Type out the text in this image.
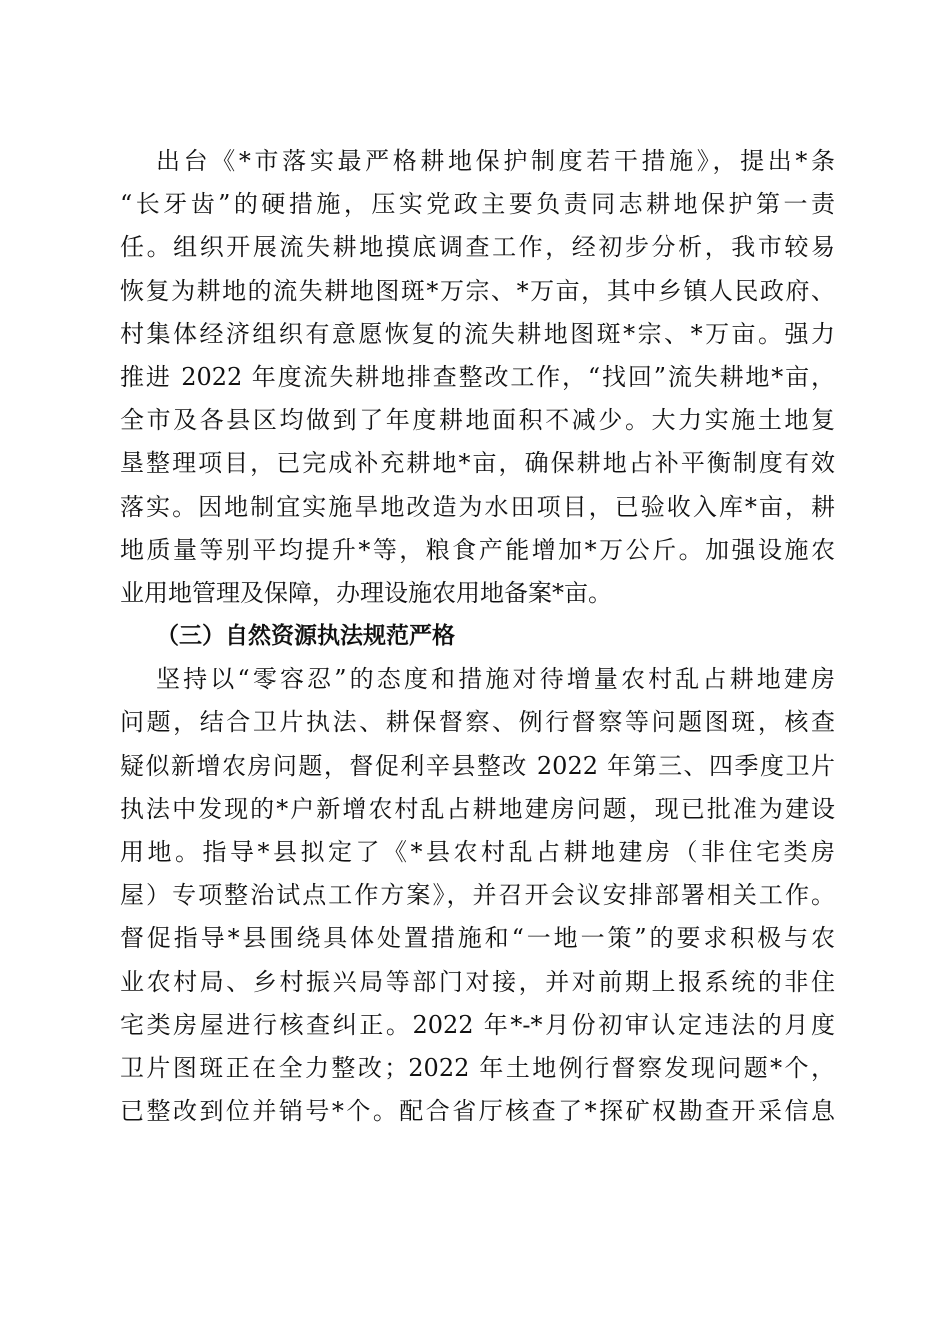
出台《*市落实最严格耕地保护制度若干措施》，提出*条
“长牙齿”的硬措施，压实党政主要负责同志耕地保护第一责
任。组织开展流失耕地摸底调查工作，经初步分析，我市较易
恢复为耕地的流失耕地图斑*万宗、*万亩，其中乡镇人民政府、
村集体经济组织有意愿恢复的流失耕地图斑*宗、*万亩。强力
推进 2022 年度流失耕地排查整改工作，“找回”流失耕地*亩，
全市及各县区均做到了年度耕地面积不减少。大力实施土地复
垦整理项目，已完成补充耕地*亩，确保耕地占补平衡制度有效
落实。因地制宜实施旱地改造为水田项目，已验收入库*亩，耕
地质量等别平均提升*等，粮食产能增加*万公斤。加强设施农
业用地管理及保障，办理设施农用地备案*亩。
（三）自然资源执法规范严格
坚持以“零容忍”的态度和措施对待增量农村乱占耕地建房
问题，结合卫片执法、耕保督察、例行督察等问题图斑，核查
疑似新增农房问题，督促利辛县整改 2022 年第三、四季度卫片
执法中发现的*户新增农村乱占耕地建房问题，现已批准为建设
用地。指导*县拟定了《*县农村乱占耕地建房（非住宅类房
屋）专项整治试点工作方案》，并召开会议安排部署相关工作。
督促指导*县围绕具体处置措施和“一地一策”的要求积极与农
业农村局、乡村振兴局等部门对接，并对前期上报系统的非住
宅类房屋进行核查纠正。2022 年*-*月份初审认定违法的月度
卫片图斑正在全力整改；2022 年土地例行督察发现问题*个，
已整改到位并销号*个。配合省厅核查了*探矿权勘查开采信息
